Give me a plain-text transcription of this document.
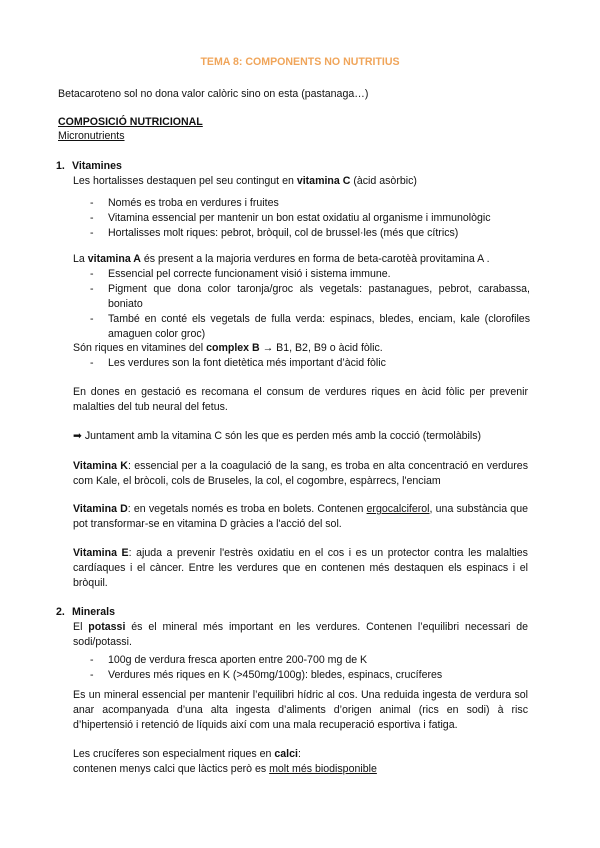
TEMA 8: COMPONENTS NO NUTRITIUS

Betacaroteno sol no dona valor calòric sino on esta (pastanaga…)

COMPOSICIÓ NUTRICIONAL
Micronutrients
1. Vitamines

Les hortalisses destaquen pel seu contingut en vitamina C (àcid asòrbic)

- Només es troba en verdures i fruites
- Vitamina essencial per mantenir un bon estat oxidatiu al organisme i immunològic
- Hortalisses molt riques: pebrot, bròquil, col de brussel·les (més que cítrics)

La vitamina A és present a la majoria verdures en forma de beta-carotèà provitamina A .

- Essencial pel correcte funcionament visió i sistema immune.
- Pigment que dona color taronja/groc als vegetals: pastanagues, pebrot, carabassa, boniato
- També en conté els vegetals de fulla verda: espinacs, bledes, enciam, kale (clorofiles amaguen color groc)

Són riques en vitamines del complex B → B1, B2, B9 o àcid fòlic.

- Les verdures son la font dietètica més important d’àcid fòlic

En dones en gestació es recomana el consum de verdures riques en àcid fòlic per prevenir malalties del tub neural del fetus.

➡ Juntament amb la vitamina C són les que es perden més amb la cocció (termolàbils)

Vitamina K: essencial per a la coagulació de la sang, es troba en alta concentració en verdures com Kale, el bròcoli, cols de Bruseles, la col, el cogombre, espàrrecs, l'enciam

Vitamina D: en vegetals només es troba en bolets. Contenen ergocalciferol, una substància que pot transformar-se en vitamina D gràcies a l'acció del sol.

Vitamina E: ajuda a prevenir l'estrès oxidatiu en el cos i es un protector contra les malalties cardíaques i el càncer. Entre les verdures que en contenen més destaquen els espinacs i el bròquil.

2. Minerals

El potassi és el mineral més important en les verdures. Contenen l’equilibri necessari de sodi/potassi.

- 100g de verdura fresca aporten entre 200-700 mg de K
- Verdures més riques en K (>450mg/100g): bledes, espinacs, crucíferes

Es un mineral essencial per mantenir l’equilibri hídric al cos. Una reduida ingesta de verdura sol anar acompanyada d’una alta ingesta d’aliments d’origen animal (rics en sodi) à risc d’hipertensió i retenció de líquids així com una mala recuperació esportiva i fatiga.

Les crucíferes son especialment riques en calci:
contenen menys calci que làctics però es molt més biodisponible
